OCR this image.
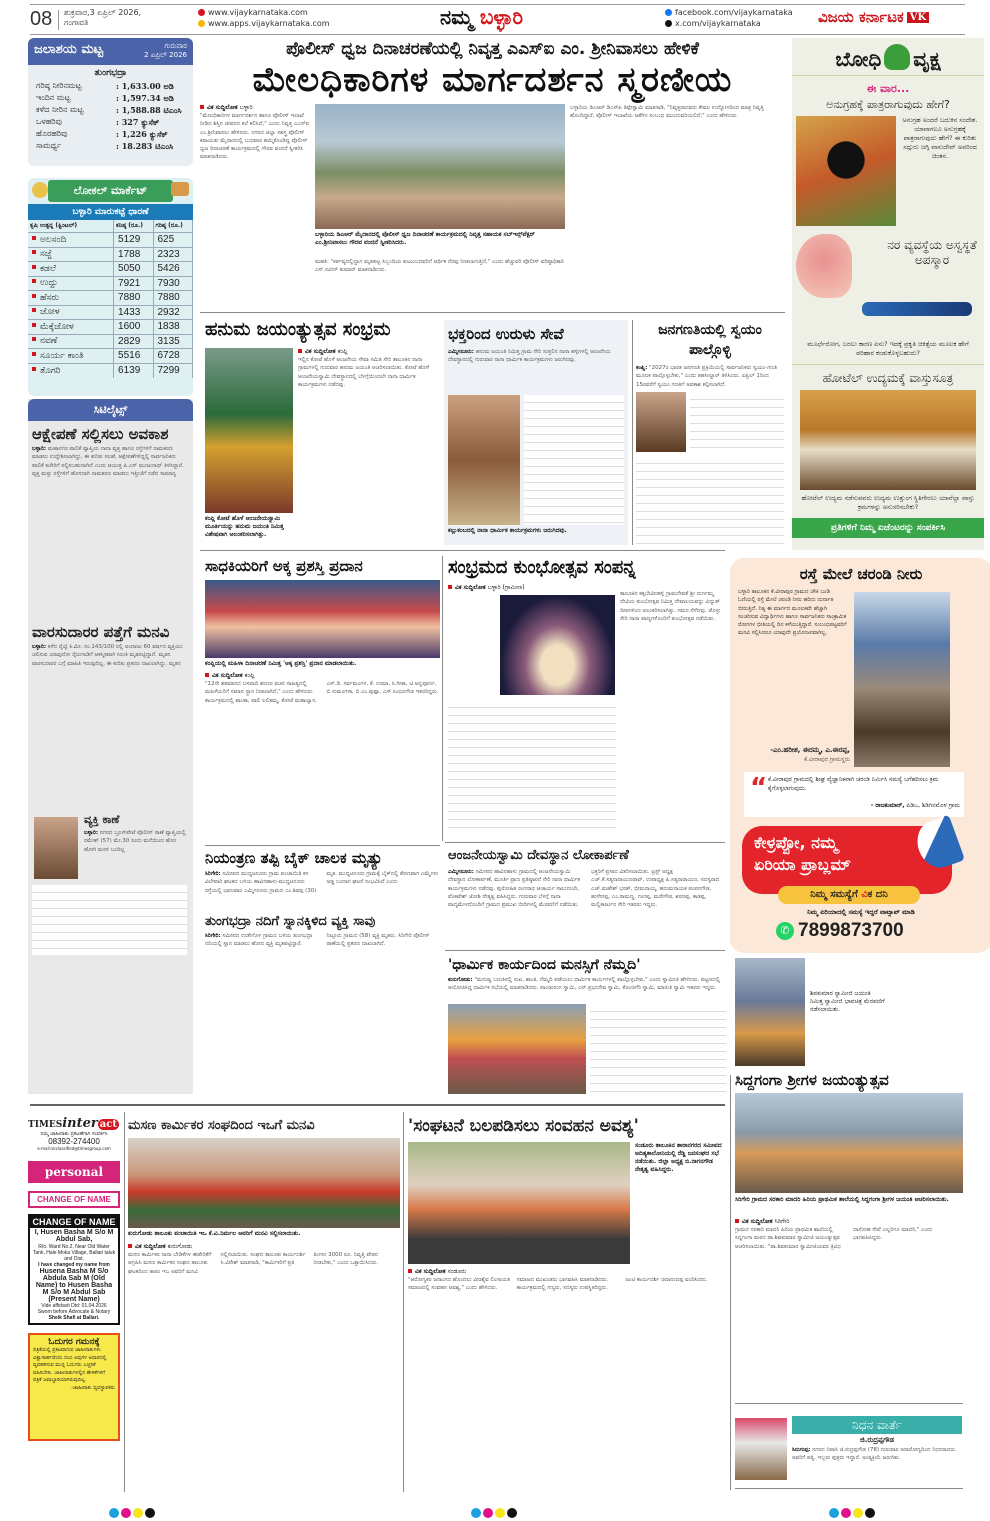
08 ಶುಕ್ರವಾರ,3 ಏಪ್ರಿಲ್ 2026,
ಗಂಗಾವತಿ
www.vijaykarnataka.com
www.apps.vijaykarnataka.com	ನಮ್ಮ ಬಳ್ಳಾರಿ	facebook.com/vijaykarnataka
x.com/vijaykarnataka	ವಿಜಯ ಕರ್ನಾಟಕ VK
ಜಲಾಶಯ ಮಟ್ಟ	ಗುರುವಾರ
2 ಏಪ್ರಿಲ್ 2026
ತುಂಗಭದ್ರಾ
ಗರಿಷ್ಠ ನೀರಿನಮಟ್ಟ	: 1,633.00 ಅಡಿ
ಇಂದಿನ ಮಟ್ಟ	: 1,597.34 ಅಡಿ
ಕಳೆದ ನೀರಿನ ಮಟ್ಟ	: 1,588.88 ಟಿಎಂಸಿ
ಒಳಹರಿವು	: 327 ಕ್ಯುಸೆಕ್
ಹೊರಹರಿವು	: 1,226 ಕ್ಯುಸೆಕ್
ಸಾಮರ್ಥ್ಯ	: 18.283 ಟಿಎಂಸಿ
ಲೋಕಲ್ ಮಾರ್ಕೆಟ್
ಬಳ್ಳಾರಿ ಮಾರುಕಟ್ಟೆ ಧಾರಣೆ
ಕೃಷಿ ಉತ್ಪನ್ನ (ಕ್ವಿಂಟಲ್)	ಕನಿಷ್ಠ (ರೂ.)	ಗರಿಷ್ಠ (ರೂ.)
ಅಲಸಂದಿ	5129	625
ಸಜ್ಜೆ	1788	2323
ಕಡಲೆ	5050	5426
ಉದ್ದು	7921	7930
ಹೆಸರು	7880	7880
ಜೋಳ	1433	2932
ಮೆಕ್ಕೆಜೋಳ	1600	1838
ನವಣೆ	2829	3135
ಸೂರ್ಯ ಕಾಂತಿ	5516	6728
ತೊಗರಿ	6139	7299
ಸಿಟಿಲೈಟ್ಸ್
ಆಕ್ಷೇಪಣೆ ಸಲ್ಲಿಸಲು ಅವಕಾಶ
ಬಳ್ಳಾರಿ: ಮಹಾನಗರ ಪಾಲಿಕೆ ವ್ಯಾಪ್ತಿಯ ನಾನಾ ವೃತ್ತ ಹಾಗೂ ರಸ್ತೆಗಳಿಗೆ ನಾಮಕರಣ ಮಾಡಲು ಉದ್ದೇಶಿಸಲಾಗಿದ್ದು, ಈ ಕುರಿತು ಸಲಹೆ, ಆಕ್ಷೇಪಣೆಗಳಿದ್ದಲ್ಲಿ ಸಾರ್ವಜನಿಕರು ಪಾಲಿಕೆ ಕಚೇರಿಗೆ ಸಲ್ಲಿಸಬಹುದಾಗಿದೆ ಎಂದು ಆಯುಕ್ತ ಪಿ.ಎಸ್ ಮಂಜುನಾಥ್ ತಿಳಿಸಿದ್ದಾರೆ. ವೃತ್ತ ಮತ್ತು ರಸ್ತೆಗಳಿಗೆ ಹೊಸದಾಗಿ ನಾಮಕರಣ ಮಾಡಲು ಇತ್ತೀಚೆಗೆ ನಡೆದ ಸಾಮಾನ್ಯ
ವಾರಸುದಾರರ ಪತ್ತೆಗೆ ಮನವಿ
ಬಳ್ಳಾರಿ: ಕಳೆದ ರೈಲ್ವೆ ಕಿ.ಮೀ. ನಂ.143/100 ರಲ್ಲಿ ಅಂದಾಜು 60 ವರ್ಷದ ವ್ಯಕ್ತಿಯು ಚಲಿಸುವ ಯಾವುದೋ ರೈಲುಗಾಡಿಗೆ ಆಕಸ್ಮಿಕವಾಗಿ ಸಿಲುಕಿ ಮೃತಪಟ್ಟಿದ್ದಾನೆ. ಮೃತನ ವಾರಸುದಾರರ ಬಗ್ಗೆ ಮಾಹಿತಿ ಇರುವುದಿಲ್ಲ, ಈ ಕುರಿತು ಪ್ರಕರಣ ದಾಖಲಾಗಿದ್ದು, ಮೃತನ
ವ್ಯಕ್ತಿ ಕಾಣೆ
ಬಳ್ಳಾರಿ: ನಗರದ ಬ್ರೂಸ್‌ಪೇಟೆ ಪೊಲೀಸ್ ಠಾಣೆ ವ್ಯಾಪ್ತಿಯಲ್ಲಿ ರಮೇಶ್ (57) ಮೇ.30 ರಂದು ಮನೆಯಿಂದ ಹೊರ ಹೋಗಿ ಮರಳಿ ಬಂದಿಲ್ಲ
ಪೊಲೀಸ್ ಧ್ವಜ ದಿನಾಚರಣೆಯಲ್ಲಿ ನಿವೃತ್ತ ಎಎಸ್‌ಐ ಎಂ. ಶ್ರೀನಿವಾಸಲು ಹೇಳಿಕೆ
ಮೇಲಧಿಕಾರಿಗಳ ಮಾರ್ಗದರ್ಶನ ಸ್ಮರಣೀಯ
ವಿಕ ಸುದ್ದಿಲೋಕ ಬಳ್ಳಾರಿ
"ಮೇಲಧಿಕಾರಿಗಳ ಮಾರ್ಗದರ್ಶನ ಹಾಗೂ ಪೊಲೀಸ್ ಇಲಾಖೆ ನೀಡಿದ ಶಿಸ್ತಿನ ಜೀವನದ ಕಲೆ ಕಲಿಸಿದೆ," ಎಂದು ನಿವೃತ್ತ ಎಎಸ್‌ಐ ಎಂ.ಶ್ರೀನಿವಾಸಲು ಹೇಳಿದರು. ನಗರದ ಜಿಲ್ಲಾ ಸಶಸ್ತ್ರ ಪೊಲೀಸ್ ಕವಾಯತು ಮೈದಾನದಲ್ಲಿ ಬುಧವಾರ ಹಮ್ಮಿಕೊಂಡಿದ್ದ ಪೊಲೀಸ್ ಧ್ವಜ ದಿನಾಚರಣೆ ಕಾರ್ಯಕ್ರಮದಲ್ಲಿ ಗೌರವ ವಂದನೆ ಸ್ವೀಕರಿಸಿ ಮಾತನಾಡಿದರು.
ಬಳ್ಳಾರಿಯ ಡಿಎಆರ್ ಮೈದಾನದಲ್ಲಿ ಪೊಲೀಸ್ ಧ್ವಜ ದಿನಾಚರಣೆ ಕಾರ್ಯಕ್ರಮದಲ್ಲಿ ನಿವೃತ್ತ ಸಹಾಯಕ ಸಬ್‌ಇನ್ಸ್‌ಪೆಕ್ಟರ್ ಎಂ.ಶ್ರೀನಿವಾಸಲು ಗೌರವ ವಂದನೆ ಸ್ವೀಕರಿಸಿದರು.
ಮಹತಿ: "ಕರ್ತವ್ಯದಲ್ಲಿದ್ದಾಗ ಮೃತಪಟ್ಟ ಸಿಬ್ಬಂದಿಯ ಕುಟುಂಬದವರಿಗೆ ಆರ್ಥಿಕ ನೆರವು ನೀಡಲಾಗುತ್ತಿದೆ," ಎಂದು ಹೆಚ್ಚುವರಿ ಪೊಲೀಸ್ ವರಿಷ್ಠಾಧಿಕಾರಿ ಎಸ್.ನವೀನ್ ಕುಮಾರ್ ಮಾತನಾಡಿದರು.
ಬಳ್ಳಾರಿಯ ಡಿಎಆರ್ ಡಿಎಸ್‌ಪಿ ತಿಪ್ಪೇಸ್ವಾಮಿ ಮಾತನಾಡಿ, "ನಿವೃತ್ತರಾದವರು ಕೇವಲ ಉದ್ಯೋಗದಿಂದ ಮಾತ್ರ ನಿವೃತ್ತಿ ಹೊಂದಿದ್ದಾರೆ, ಪೊಲೀಸ್ ಇಲಾಖೆಯ ಜತೆಗಿನ ಸಂಬಂಧ ಮುಂದುವರಿಯಲಿದೆ," ಎಂದು ಹೇಳಿದರು.
ಬೋಧಿ ವೃಕ್ಷ
ಈ ವಾರ...
ಅನುಗ್ರಹಕ್ಕೆ ಪಾತ್ರರಾಗುವುದು ಹೇಗೆ?
ಅನುಗ್ರಹ ಅಂದರೆ ಬದುಕಿನ ಸಂದೇಶ. ಯಾವಾಗಲೂ ಅನುಗ್ರಹಕ್ಕೆ ಪಾತ್ರರಾಗುವುದು ಹೇಗೆ? ಈ ಕುರಿತು ಸದ್ಗುರು ಜಗ್ಗಿ ವಾಸುದೇವ್ ಅವರಿಂದ ಚಿಂತನ.
ನರ ವ್ಯವಸ್ಥೆಯ ಅಸ್ವಸ್ಥತೆ ಅಪಸ್ಮಾರ
ಮೂರ್ಛೆರೋಗ, ಬರಲು ಕಾರಣ ಏನು? ಇದಕ್ಕೆ ಪ್ರಕೃತಿ ಚಿಕಿತ್ಸೆಯ ಮೂಲಕ ಹೇಗೆ ಪರಿಹಾರ ಕಂಡುಕೊಳ್ಳಬಹುದು?
ಹೋಟೆಲ್ ಉದ್ಯಮಕ್ಕೆ ವಾಸ್ತುಸೂತ್ರ
ಹೋಟೆಲ್ ಉದ್ಯಮ ನಡೆಸುವವರು ಉದ್ಯಮ ಉತ್ತುಂಗ ಸ್ಥಿತಿಗೇರಲು ಯಾವೆಲ್ಲಾ ವಾಸ್ತು ಕ್ರಮಗಳನ್ನು ಅನುಸರಿಸಬೇಕು?
ಪ್ರತಿಗಳಿಗೆ ನಿಮ್ಮ ಏಜೆಂಟರನ್ನು ಸಂಪರ್ಕಿಸಿ
ಹನುಮ ಜಯಂತ್ಯುತ್ಸವ ಸಂಭ್ರಮ
ಕಂಪ್ಲಿ ಕೋಟೆ ಹೊಳೆ ಆಂಜನೇಯಸ್ವಾಮಿ ಮೂರ್ತಿಯನ್ನು ಹನುಮ ಜಯಂತಿ ನಿಮಿತ್ತ ವಿಶೇಷವಾಗಿ ಅಲಂಕರಿಸಲಾಗಿತ್ತು.
ವಿಕ ಸುದ್ದಿಲೋಕ ಕಂಪ್ಲಿ
ಇಲ್ಲಿನ ಕೋಟೆ ಹೊಳೆ ಆಂಜನೇಯ ಸೇವಾ ಸಮಿತಿ ಸೇರಿ ತಾಲೂಕಿನ ನಾನಾ ಗ್ರಾಮಗಳಲ್ಲಿ ಗುರುವಾರ ಹನುಮ ಜಯಂತಿ ಆಚರಿಸಲಾಯಿತು. ಕೋಟೆ ಹೊಳೆ ಆಂಜನೇಯಸ್ವಾಮಿ ದೇವಸ್ಥಾನದಲ್ಲಿ ಬೆಳಗ್ಗೆಯಿಂದಲೇ ನಾನಾ ಧಾರ್ಮಿಕ ಕಾರ್ಯಕ್ರಮಗಳು ನಡೆದವು.
ಭಕ್ತರಿಂದ ಉರುಳು ಸೇವೆ
ಎಮ್ಮಿಗನೂರು: ಹನುಮ ಜಯಂತಿ ನಿಮಿತ್ತ ಗ್ರಾಮ ಸೇರಿ ಸುತ್ತಲಿನ ನಾನಾ ಹಳ್ಳಿಗಳಲ್ಲಿ ಆಂಜನೇಯ ದೇವಸ್ಥಾನದಲ್ಲಿ ಗುರುವಾರ ನಾನಾ ಧಾರ್ಮಿಕ ಕಾರ್ಯಕ್ರಮಗಳು ಜರುಗಿದವು.
ಕಲ್ಲುಕಂಬದಲ್ಲಿ ನಾನಾ ಧಾರ್ಮಿಕ ಕಾರ್ಯಕ್ರಮಗಳು ಜರುಗಿದವು.
ಜನಗಣತಿಯಲ್ಲಿ ಸ್ವಯಂ ಪಾಲ್ಗೊಳ್ಳಿ
ಕಂಪ್ಲಿ: "2027ರ ಭಾರತ ಜನಗಣತಿ ಪ್ರಕ್ರಿಯೆಯಲ್ಲಿ ಸಾರ್ವಜನಿಕರು ಸ್ವಯಂ-ಗಣತಿ ಮೂಲಕ ಪಾಲ್ಗೊಳ್ಳಬೇಕು," ಎಂದು ತಹಸೀಲ್ದಾರ್ ತಿಳಿಸಿದರು. ಏಪ್ರಿಲ್ 1ರಿಂದ 15ರವರೆಗೆ ಸ್ವಯಂ ಗಣತಿಗೆ ಅವಕಾಶ ಕಲ್ಪಿಸಲಾಗಿದೆ.
ಸಾಧಕಿಯರಿಗೆ ಅಕ್ಕ ಪ್ರಶಸ್ತಿ ಪ್ರದಾನ
ಕಂಪ್ಲಿಯಲ್ಲಿ ಮಹಿಳಾ ದಿನಾಚರಣೆ ನಿಮಿತ್ತ 'ಅಕ್ಕ ಪ್ರಶಸ್ತಿ' ಪ್ರದಾನ ಮಾಡಲಾಯಿತು.
ವಿಕ ಸುದ್ದಿಲೋಕ ಕಂಪ್ಲಿ
"12ನೇ ಶತಮಾನದ ಬಸವಾದಿ ಶರಣರ ವಚನ ಸಾಹಿತ್ಯದಲ್ಲಿ ಮಹಿಳೆಯರಿಗೆ ಸಮಾನ ಸ್ಥಾನ ನೀಡಲಾಗಿದೆ," ಎಂದು ಹೇಳಿದರು. ಕಾರ್ಯಕ್ರಮದಲ್ಲಿ ಶಾಂತಾ, ವಾಲಿ ಲಲಿತಮ್ಮ, ಕೋಟೆ ಮಹಾಲ್ಯಾಸ, ಎಸ್.ಡಿ. ಸರ್ವಮಂಗಳ, ಕೆ. ಉಮಾ, ಸಿ.ಗೀತಾ, ಟಿ.ಅನ್ನಪೂರ್ಣ, ಬಿ.ಸುಮಂಗಳಾ, ಬಿ.ಎಂ.ಪುಷ್ಪಾ, ಎಸ್.ಸಿಂಧೂಗೌಡ ಇತರರಿದ್ದರು.
ಸಂಭ್ರಮದ ಕುಂಭೋತ್ಸವ ಸಂಪನ್ನ
ವಿಕ ಸುದ್ದಿಲೋಕ ಬಳ್ಳಾರಿ (ಗ್ರಾಮೀಣ)
ತಾಲೂಕಿನ ಕಕ್ಕಬೇವಿನಹಳ್ಳಿ ಗ್ರಾಮದೇವತೆ ಶ್ರೀ ದುರ್ಗಮ್ಮ ದೇವಿಯ ಕುಂಭೋತ್ಸವ ನಿಮಿತ್ತ ದೇವಾಲಯವನ್ನು ವಿದ್ಯುತ್ ದೀಪಗಳಿಂದ ಅಲಂಕರಿಸಲಾಗಿತ್ತು. ಗಮನ ಸೆಳೆದವು. ಡೊಳ್ಳು ಸೇರಿ ನಾನಾ ವಾದ್ಯಗಳೊಂದಿಗೆ ಕುಂಭೋತ್ಸವ ನಡೆಯಿತು.
ಆಂಜನೇಯಸ್ವಾಮಿ ದೇವಸ್ಥಾನ ಲೋಕಾರ್ಪಣೆ
ಎಮ್ಮಿಗನೂರು: ಸಮೀಪದ ಹಾವಿನಹಾಳು ಗ್ರಾಮದಲ್ಲಿ ಆಂಜನೇಯಸ್ವಾಮಿ ದೇವಸ್ಥಾನ ಲೋಕಾರ್ಪಣೆ, ಮೂರ್ತಿ ಪ್ರಾಣ ಪ್ರತಿಷ್ಠಾಪನೆ ಸೇರಿ ನಾನಾ ಧಾರ್ಮಿಕ ಕಾರ್ಯಕ್ರಮಗಳು ನಡೆದವು. ಪುರೋಹಿತ ರಂಗನಾಥ ಆಚಾರ್ಯ ಸಾಲುಗುಂದಿ, ವೆಂಕಟೇಶ್ ಜೋಶಿ ನೇತೃತ್ವ ವಹಿಸಿದ್ದರು. ಗುರುವಾರ ಬೆಳಗ್ಗೆ ನಾನಾ ವಾದ್ಯಮೇಳದೊಂದಿಗೆ ಗ್ರಾಮದ ಪ್ರಮುಖ ಬೀದಿಗಳಲ್ಲಿ ಮೆರವಣಿಗೆ ನಡೆಯಿತು. ಭಕ್ತರಿಗೆ ಪ್ರಸಾದ ವಿತರಿಸಲಾಯಿತು. ಟ್ರಸ್ಟ್ ಅಧ್ಯಕ್ಷ ಎಚ್.ಕೆ.ಸತ್ಯನಾರಾಯಣರಾವ್, ಉಪಾಧ್ಯಕ್ಷ ಪಿ.ಸತ್ಯನಾರಾಯಣ, ಸದಸ್ಯರಾದ ಎಚ್.ಮಹೇಶ್ ಭರತ್, ಭೀಮನಾಯ್ಕ, ಹನುಮನಾಯಕ ಪಂಪನಗೌಡ, ಹುಸೇನಪ್ಪ, ಎಂ.ರಾಮಣ್ಣ, ಗಂಗಪ್ಪ, ಮರೇಗೌಡ, ಶರಣಪ್ಪ, ಕಾಡಪ್ಪ, ಮಲ್ಲಿಕಾರ್ಜುನ ಸೇರಿ ಇತರರು ಇದ್ದರು.
ನಿಯಂತ್ರಣ ತಪ್ಪಿ ಬೈಕ್ ಚಾಲಕ ಮೃತ್ಯು
ಸಿರಿಗೇರಿ: ಸಮೀಪದ ಮುದ್ದಟನೂರು ಗ್ರಾಮ ಪಂಚಾಯಿತಿ ಕಸ ವಿಲೇವಾರಿ ಘಟಕದ ಬಳಿಯ ಹಾವಿನಹಾಳು-ಮುದ್ದಟನೂರು ರಸ್ತೆಯಲ್ಲಿ ಭಾನುವಾರ ಎಮ್ಮಿಗನೂರು ಗ್ರಾಮದ ಎಂ.ಶಿವಪ್ಪ (30) ಮೃತ. ಮುದ್ದಟನೂರು ಗ್ರಾಮಕ್ಕೆ ಬೈಕ್‌ನಲ್ಲಿ ತೆರಳುವಾಗ ಎಮ್ಮೆಗಳು ಅಡ್ಡ ಬಂದಾಗ ಘಟನೆ ಸಂಭವಿಸಿದೆ ಎಂದು
ತುಂಗಭದ್ರಾ ನದಿಗೆ ಸ್ನಾನಕ್ಕಿಳಿದ ವ್ಯಕ್ತಿ ಸಾವು
ಸಿರಿಗೇರಿ: ಸಮೀಪದ ಉಡೇಗೊಳ ಗ್ರಾಮದ ಬಳಿಯ ತುಂಗಭದ್ರಾ ನದಿಯಲ್ಲಿ ಸ್ನಾನ ಮಾಡಲು ಹೋದ ವ್ಯಕ್ತಿ ಮೃತಪಟ್ಟಿದ್ದಾರೆ. ನಿಟ್ಟೂರು ಗ್ರಾಮದ (58) ವ್ಯಕ್ತಿ ಮೃತರು. ಸಿರಿಗೇರಿ ಪೊಲೀಸ್ ಠಾಣೆಯಲ್ಲಿ ಪ್ರಕರಣ ದಾಖಲಾಗಿದೆ.
'ಧಾರ್ಮಿಕ ಕಾರ್ಯದಿಂದ ಮನಸ್ಸಿಗೆ ನೆಮ್ಮದಿ'
ಕುರುಗೋಡು: "ಮನುಷ್ಯ ಬದುಕಿನಲ್ಲಿ ಸುಖ, ಶಾಂತಿ, ನೆಮ್ಮದಿ ಪಡೆಯಲು ಧಾರ್ಮಿಕ ಕಾರ್ಯಗಳಲ್ಲಿ ಪಾಲ್ಗೊಳ್ಳಬೇಕು," ಎಂದು ಸ್ವಾಮೀಜಿ ಹೇಳಿದರು. ಪಟ್ಟಣದಲ್ಲಿ ಆಯೋಜಿಸಿದ್ದ ಧಾರ್ಮಿಕ ಸಭೆಯಲ್ಲಿ ಮಾತನಾಡಿದರು. ಪಾಂಡುರಂಗ ಸ್ವಾಮಿ, ಎಸ್.ಪ್ರಭುದೇವ ಸ್ವಾಮಿ, ಕೊಂಚಿಗೆರಿ ಸ್ವಾಮಿ, ಮಾರುತಿ ಸ್ವಾಮಿ ಇತರರು ಇದ್ದರು.
ರಸ್ತೆ ಮೇಲೆ ಚರಂಡಿ ನೀರು
ಬಳ್ಳಾರಿ ತಾಲೂಕಿನ ಕೆ.ವೀರಾಪುರ ಗ್ರಾಮದ ಚೌಕಿ ಬಂಡಿ ಓಣಿಯಲ್ಲಿ ರಸ್ತೆ ಮೇಲೆ ಚರಂಡಿ ನೀರು ಹರಿದು ದುರ್ನಾತ ಬೀರುತ್ತಿದೆ. ನಿತ್ಯ ಈ ಮಾರ್ಗದ ಮೂಲಕವೇ ಹೆಚ್ಚಾಗಿ ಸಂಚರಿಸುವ ವಿದ್ಯಾರ್ಥಿಗಳು ಹಾಗೂ ಸಾರ್ವಜನಿಕರು ಸಾಂಕ್ರಾಮಿಕ ರೋಗಗಳ ಭೀತಿಯಲ್ಲಿ ದಿನ ಕಳೆಯುತ್ತಿದ್ದಾರೆ. ಸಂಬಂಧಪಟ್ಟವರಿಗೆ ಮನವಿ ಸಲ್ಲಿಸಿದರೂ ಯಾವುದೇ ಪ್ರಯೋಜನವಾಗಿಲ್ಲ.
-ಎಂ.ಹರೀಶ, ಈರಮ್ಮ, ಎ.ಈರಪ್ಪ,
ಕೆ.ವೀರಾಪುರ ಗ್ರಾಮಸ್ಥರು
“ ಕೆ.ವೀರಾಪುರ ಗ್ರಾಮದಲ್ಲಿ ಶೀಘ್ರ ವ್ಯೆಜ್ಞಾನಿಕವಾಗಿ ಚರಂಡಿ ನಿರ್ಮಿಸಿ ಸಮಸ್ಯೆ ಬಗೆಹರಿಸಲು ಕ್ರಮ ಕೈಗೊಳ್ಳಲಾಗುವುದು.
- ರಾಜಕುಮಾರ್, ಪಿಡಿಒ, ಶಿಡಿಗಿನಮೊಳ ಗ್ರಾಮ
ಕೇಳ್ರಪ್ಪೋ, ನಮ್ಮ
ಏರಿಯಾ ಪ್ರಾಬ್ಲಮ್
ನಿಮ್ಮ ಸಮಸ್ಯೆಗೆ ವಿಕ ದನಿ
ನಿಮ್ಮ ಏರಿಯಾದಲ್ಲಿ ಸಮಸ್ಯೆ ಇದ್ದರೆ ವಾಟ್ಸಾಪ್ ಮಾಡಿ
✆ 7899873700
ಶಿವಕುಮಾರ ಸ್ವಾಮೀಜಿ ಜಯಂತಿ ನಿಮಿತ್ತ ಸ್ವಾಮೀಜಿ ಭಾವಚಿತ್ರ ಮೆರವಣಿಗೆ ನಡೆಸಲಾಯಿತು.
ಸಿದ್ದಗಂಗಾ ಶ್ರೀಗಳ ಜಯಂತ್ಯುತ್ಸವ
ಸಿರಿಗೇರಿ ಗ್ರಾಮದ ಸರಕಾರಿ ಮಾದರಿ ಹಿರಿಯ ಪ್ರಾಥಮಿಕ ಶಾಲೆಯಲ್ಲಿ ಸಿದ್ದಗಂಗಾ ಶ್ರೀಗಳ ಜಯಂತಿ ಆಚರಿಸಲಾಯಿತು.
ವಿಕ ಸುದ್ದಿಲೋಕ ಸಿರಿಗೇರಿ
ಗ್ರಾಮದ ಸರಕಾರಿ ಮಾದರಿ ಹಿರಿಯ ಪ್ರಾಥಮಿಕ ಶಾಲೆಯಲ್ಲಿ ಸಿದ್ದಗಂಗಾ ಮಠದ ಡಾ.ಶಿವಕುಮಾರ ಸ್ವಾಮೀಜಿ ಜಯಂತ್ಯುತ್ಸವ ಆಚರಿಸಲಾಯಿತು. "ಡಾ.ಶಿವಕುಮಾರ ಸ್ವಾಮೀಜಿಯವರ ತ್ರಿವಿಧ ದಾಸೋಹ ಸೇವೆ ಎಲ್ಲರಿಗೂ ಮಾದರಿ," ಎಂದು ಭಾಗವಹಿಸಿದ್ದರು.
ನಿಧನ ವಾರ್ತೆ
ಜಿ.ರುದ್ರಪ್ಪಗೌಡ
ಸಿರುಗುಪ್ಪ: ನಗರದ ನಿವಾಸಿ ಜಿ.ರುದ್ರಪ್ಪಗೌಡ (78) ಗುರುವಾರ ಅನಾರೋಗ್ಯದಿಂದ ನಿಧನರಾದರು. ಅವರಿಗೆ ಪತ್ನಿ, ಇಬ್ಬರು ಪುತ್ರರು ಇದ್ದಾರೆ. ಅಂತ್ಯಕ್ರಿಯೆ ಜರುಗಿತು.
TIMESinter act
ನಿಮ್ಮ ಜಾಹೀರಾತು ಪ್ರಕಟಣೆಗಾಗಿ ಸಂಪರ್ಕಿಸಿ
08392-274400
e-mail:vkclassified@timesgroup.com
personal
CHANGE OF NAME
CHANGE OF NAME
I, Husen Basha M S/o M Abdul Sab,
R/o. Ward No.2, Near Old Water Tank, Hale Moka Village, Ballari taluk and Dist.
I have changed my name from
Husena Basha M S/o Abdula Sab M (Old Name) to Husen Basha M S/o M Abdul Sab (Present Name)
Vide affidavit Dtd: 01.04.2026
Sworn before Advocate & Notary
Sheik Shafi at Ballari.
ಓದುಗರ ಗಮನಕ್ಕೆ
ಪತ್ರಿಕೆಯಲ್ಲಿ ಪ್ರಕಟವಾಗುವ ಜಾಹೀರಾತುಗಳು ವಿಶ್ವಾಸಾರ್ಹವೆಂದು ನಂಬಿ ಅವುಗಳ ಆಧಾರದಲ್ಲಿ ವ್ಯವಹರಿಸುವ ಮುನ್ನ ಓದುಗರು ಎಚ್ಚರಿಕೆ ವಹಿಸಬೇಕು. ಜಾಹೀರಾತುಗಳಲ್ಲಿನ ಹೇಳಿಕೆಗಳಿಗೆ ಪತ್ರಿಕೆ ಜವಾಬ್ದಾರಿಯಾಗಿರುವುದಿಲ್ಲ.
-ಜಾಹೀರಾತು ವ್ಯವಸ್ಥಾಪಕರು
ಮಸಣ ಕಾರ್ಮಿಕರ ಸಂಘದಿಂದ ಇಒಗೆ ಮನವಿ
ಕುರುಗೋಡು ತಾಲೂಕು ಪಂಚಾಯಿತಿ ಇಒ ಕೆ.ವಿ.ನಿರ್ಮಲ ಅವರಿಗೆ ಮನವಿ ಸಲ್ಲಿಸಲಾಯಿತು.
ವಿಕ ಸುದ್ದಿಲೋಕ ಕುರುಗೋಡು
ಮಸಣ ಕಾರ್ಮಿಕರ ನಾನಾ ಬೇಡಿಕೆಗಳ ಈಡೇರಿಕೆಗೆ ಆಗ್ರಹಿಸಿ ಮಸಣ ಕಾರ್ಮಿಕರ ಸಂಘದ ತಾಲೂಕು ಘಟಕದಿಂದ ತಾಪಂ ಇಒ ಅವರಿಗೆ ಮನವಿ ಸಲ್ಲಿಸಲಾಯಿತು. ಸಂಘದ ತಾಲೂಕು ಕಾರ್ಯದರ್ಶಿ ಸಿ.ವಿರೇಶ್ ಮಾತನಾಡಿ, "ಕಾರ್ಮಿಕರಿಗೆ ಪ್ರತಿ ತಿಂಗಳು 3000 ರೂ. ನಿವೃತ್ತಿ ವೇತನ ನೀಡಬೇಕು," ಎಂದು ಒತ್ತಾಯಿಸಿದರು.
'ಸಂಘಟನೆ ಬಲಪಡಿಸಲು ಸಂವಹನ ಅವಶ್ಯ'
ಸಂಡೂರು ತಾಲೂಕಿನ ತಾರಾನಗರದ ಸಮೀಪದ ಆದಿತ್ಯಕಾಲೋನಿಯಲ್ಲಿ ರೆಡ್ಡಿ ಜನಸಂಘದ ಸಭೆ ನಡೆಯಿತು. ಜಿಲ್ಲಾ ಅಧ್ಯಕ್ಷ ಬಿ.ನಾಗನಗೌಡ ನೇತೃತ್ವ ವಹಿಸಿದ್ದರು.
ವಿಕ ಸುದ್ದಿಲೋಕ ಸಂಡೂರು
"ಆರೋಗ್ಯಕರ ಜನಾಂಗದ ಹೊಂದಲು ವೀರಶೈವ ಲಿಂಗಾಯತ ಸಮಾಜದಲ್ಲಿ ಸಂವಹನ ಅವಶ್ಯ," ಎಂದು ಹೇಳಿದರು. ಸಮಾಜದ ಮುಖಂಡರು ಭಾಗವಹಿಸಿ ಮಾತನಾಡಿದರು. ಕಾರ್ಯಕ್ರಮದಲ್ಲಿ ಗಣ್ಯರು, ಸದಸ್ಯರು ಉಪಸ್ಥಿತರಿದ್ದರು. ಜಂಟಿ ಕಾರ್ಯದರ್ಶಿ ಚಿದಾನಂದಪ್ಪ ವಂದಿಸಿದರು.
